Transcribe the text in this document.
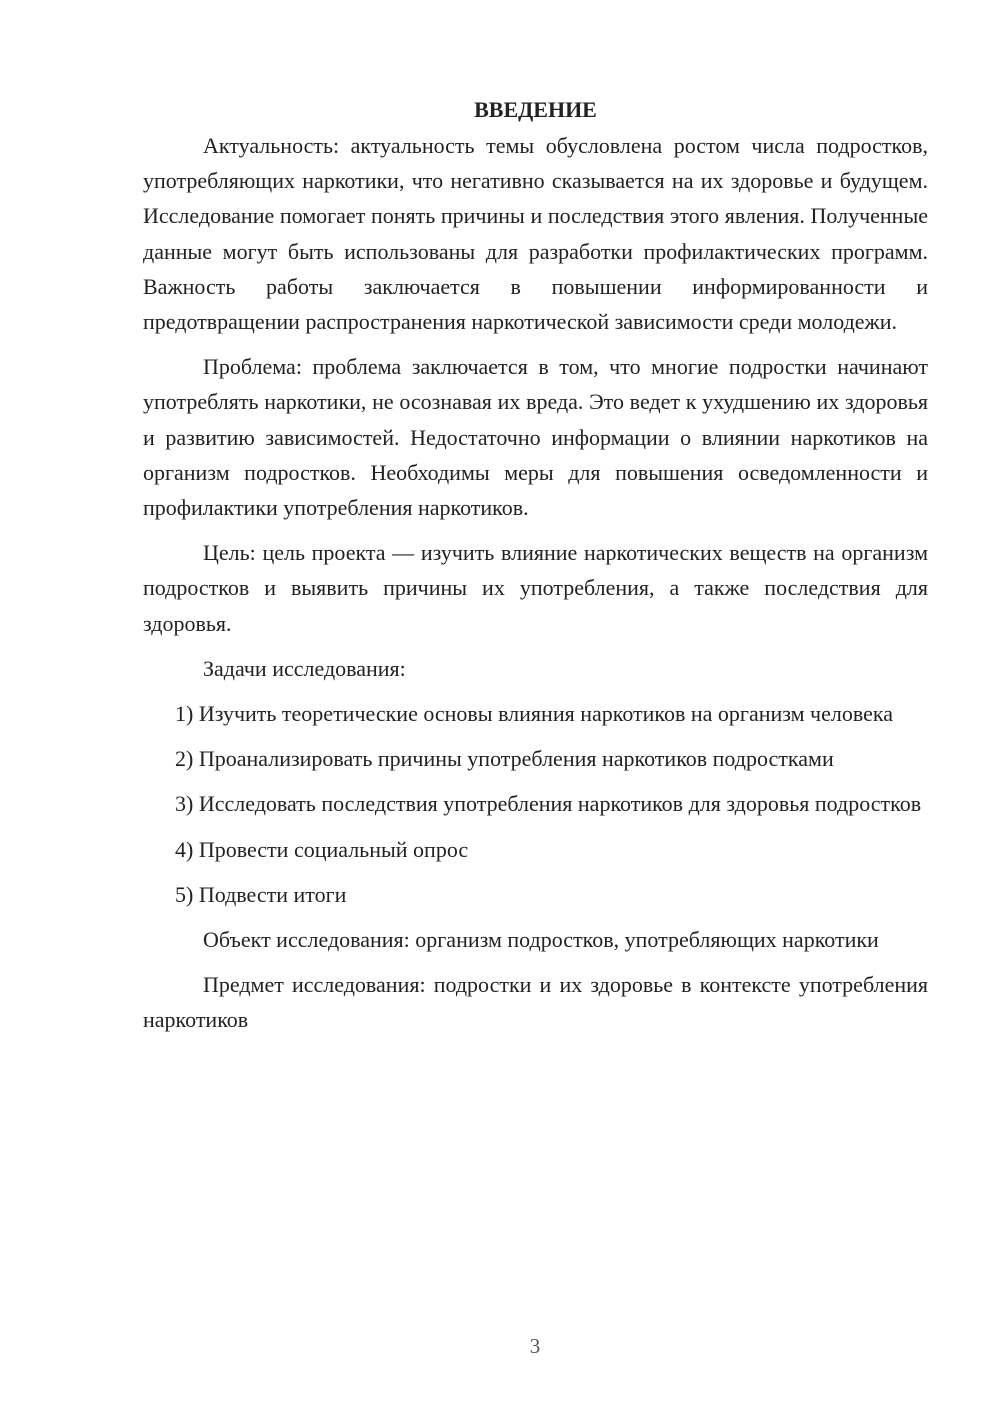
ВВЕДЕНИЕ

Актуальность: актуальность темы обусловлена ростом числа подростков, употребляющих наркотики, что негативно сказывается на их здоровье и будущем. Исследование помогает понять причины и последствия этого явления. Полученные данные могут быть использованы для разработки профилактических программ. Важность работы заключается в повышении информированности и предотвращении распространения наркотической зависимости среди молодежи.

Проблема: проблема заключается в том, что многие подростки начинают употреблять наркотики, не осознавая их вреда. Это ведет к ухудшению их здоровья и развитию зависимостей. Недостаточно информации о влиянии наркотиков на организм подростков. Необходимы меры для повышения осведомленности и профилактики употребления наркотиков.

Цель: цель проекта — изучить влияние наркотических веществ на организм подростков и выявить причины их употребления, а также последствия для здоровья.

Задачи исследования:

1) Изучить теоретические основы влияния наркотиков на организм человека

2) Проанализировать причины употребления наркотиков подростками

3) Исследовать последствия употребления наркотиков для здоровья подростков

4) Провести социальный опрос

5) Подвести итоги

Объект исследования: организм подростков, употребляющих наркотики

Предмет исследования: подростки и их здоровье в контексте употребления наркотиков

3
